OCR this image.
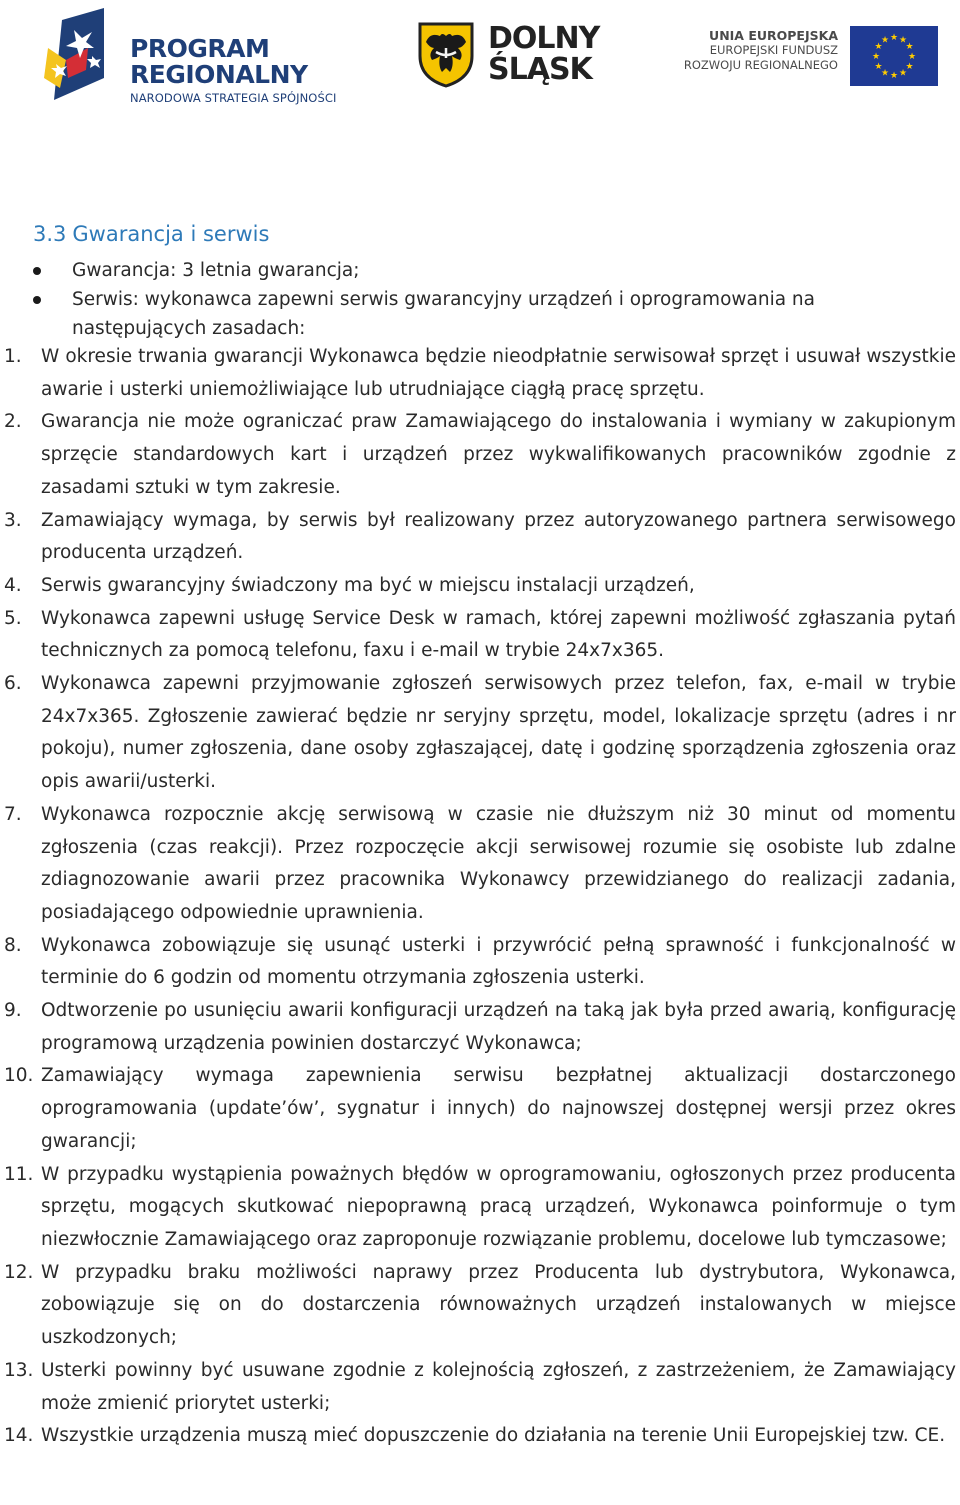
PROGRAM
REGIONALNY
NARODOWA STRATEGIA SPÓJNOŚCI
DOLNY
ŚLĄSK
UNIA EUROPEJSKA
EUROPEJSKI FUNDUSZ
ROZWOJU REGIONALNEGO
★ ★
★
★
★
★
★
★
★
★
★
★
3.3 Gwarancja i serwis
Gwarancja: 3 letnia gwarancja;
Serwis: wykonawca zapewni serwis gwarancyjny urządzeń i oprogramowania na następujących zasadach:
1. W okresie trwania gwarancji Wykonawca będzie nieodpłatnie serwisował sprzęt i usuwał wszystkie awarie i usterki uniemożliwiające lub utrudniające ciągłą pracę sprzętu.
2. Gwarancja nie może ograniczać praw Zamawiającego do instalowania i wymiany w zakupionym sprzęcie standardowych kart i urządzeń przez wykwalifikowanych pracowników zgodnie z zasadami sztuki w tym zakresie.
3. Zamawiający wymaga, by serwis był realizowany przez autoryzowanego partnera serwisowego producenta urządzeń.
4. Serwis gwarancyjny świadczony ma być w miejscu instalacji urządzeń,
5. Wykonawca zapewni usługę Service Desk w ramach, której zapewni możliwość zgłaszania pytań technicznych za pomocą telefonu, faxu i e-mail w trybie 24x7x365.
6. Wykonawca zapewni przyjmowanie zgłoszeń serwisowych przez telefon, fax, e-mail w trybie 24x7x365. Zgłoszenie zawierać będzie nr seryjny sprzętu, model, lokalizacje sprzętu (adres i nr pokoju), numer zgłoszenia, dane osoby zgłaszającej, datę i godzinę sporządzenia zgłoszenia oraz opis awarii/usterki.
7. Wykonawca rozpocznie akcję serwisową w czasie nie dłuższym niż 30 minut od momentu zgłoszenia (czas reakcji). Przez rozpoczęcie akcji serwisowej rozumie się osobiste lub zdalne zdiagnozowanie awarii przez pracownika Wykonawcy przewidzianego do realizacji zadania, posiadającego odpowiednie uprawnienia.
8. Wykonawca zobowiązuje się usunąć usterki i przywrócić pełną sprawność i funkcjonalność w terminie do 6 godzin od momentu otrzymania zgłoszenia usterki.
9. Odtworzenie po usunięciu awarii konfiguracji urządzeń na taką jak była przed awarią, konfigurację programową urządzenia powinien dostarczyć Wykonawca;
10. Zamawiający wymaga zapewnienia serwisu bezpłatnej aktualizacji dostarczonego oprogramowania (update’ów’, sygnatur i innych) do najnowszej dostępnej wersji przez okres gwarancji;
11. W przypadku wystąpienia poważnych błędów w oprogramowaniu, ogłoszonych przez producenta sprzętu, mogących skutkować niepoprawną pracą urządzeń, Wykonawca poinformuje o tym niezwłocznie Zamawiającego oraz zaproponuje rozwiązanie problemu, docelowe lub tymczasowe;
12. W przypadku braku możliwości naprawy przez Producenta lub dystrybutora, Wykonawca, zobowiązuje się on do dostarczenia równoważnych urządzeń instalowanych w miejsce uszkodzonych;
13. Usterki powinny być usuwane zgodnie z kolejnością zgłoszeń, z zastrzeżeniem, że Zamawiający może zmienić priorytet usterki;
14. Wszystkie urządzenia muszą mieć dopuszczenie do działania na terenie Unii Europejskiej tzw. CE.
